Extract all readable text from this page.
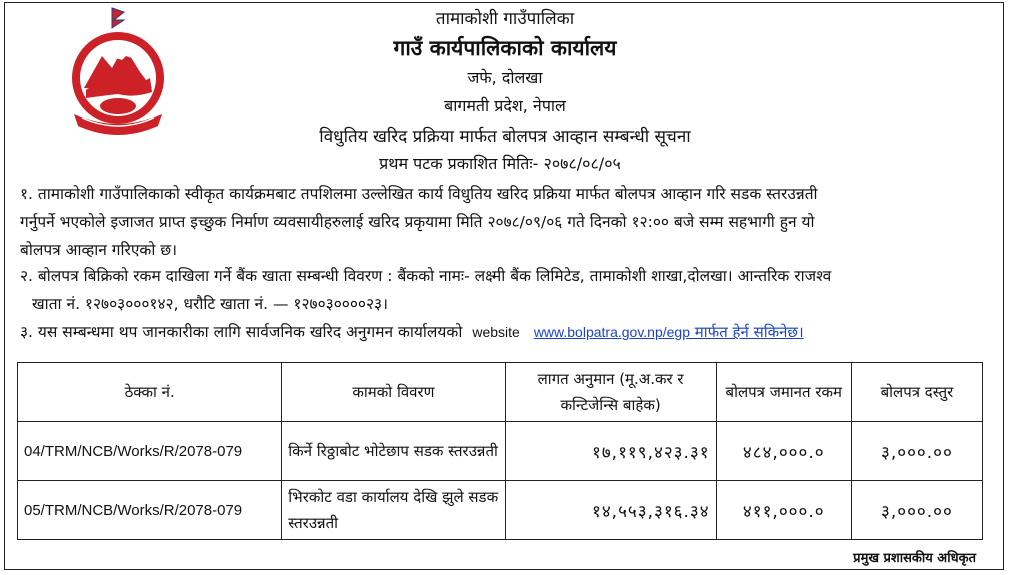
तामाकोशी गाउँपालिका
गाउँ कार्यपालिकाको कार्यालय
जफे, दोलखा
बागमती प्रदेश, नेपाल
विधुतिय खरिद प्रक्रिया मार्फत बोलपत्र आव्हान सम्बन्धी सूचना
प्रथम पटक प्रकाशित मितिः- २०७८/०८/०५
१. तामाकोशी गाउँपालिकाको स्वीकृत कार्यक्रमबाट तपशिलमा उल्लेखित कार्य विधुतिय खरिद प्रक्रिया मार्फत बोलपत्र आव्हान गरि सडक स्तरउन्नती
गर्नुपर्ने भएकोले इजाजत प्राप्त इच्छुक निर्माण व्यवसायीहरुलाई खरिद प्रकृयामा मिति २०७८/०९/०६ गते दिनको १२:०० बजे सम्म सहभागी हुन यो
बोलपत्र आव्हान गरिएको छ।
२. बोलपत्र बिक्रिको रकम दाखिला गर्ने बैंक खाता सम्बन्धी विवरण : बैंकको नामः- लक्ष्मी बैंक लिमिटेड, तामाकोशी शाखा,दोलखा। आन्तरिक राजश्व
खाता नं. १२७०३०००१४२, धरौटि खाता नं. — १२७०३००००२३।
३. यस सम्बन्धमा थप जानकारीका लागि सार्वजनिक खरिद अनुगमन कार्यालयको website www.bolpatra.gov.np/egp मार्फत हेर्न सकिनेछ।
ठेक्का नं.	कामको विवरण	लागत अनुमान (मू.अ.कर र कन्टिजेन्सि बाहेक)	बोलपत्र जमानत रकम	बोलपत्र दस्तुर
04/TRM/NCB/Works/R/2078-079	किर्ने रिठ्ठाबोट भोटेछाप सडक स्तरउन्नती	१७,११९,४२३.३१	४८४,०००.०	३,०००.००
05/TRM/NCB/Works/R/2078-079	भिरकोट वडा कार्यालय देखि झुले सडक स्तरउन्नती	१४,५५३,३१६.३४	४११,०००.०	३,०००.००
प्रमुख प्रशासकीय अधिकृत
